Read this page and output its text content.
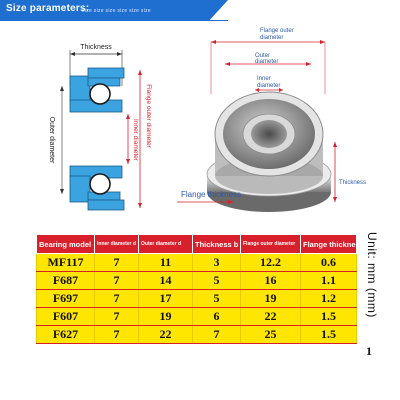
Size parameters:
size size size size size size
Thickness
Outer diameter	Inner diameter Flange outer diameter
Flange outer
diameter
Outer
diameter
Inner
diameter
Thickness
Flange thickness
Bearing model	Inner diameter d	Outer diameter d	Thickness b	Flange outer diameter	Flange thickness
MF117	7	11	3	12.2	0.6
F687	7	14	5	16	1.1
F697	7	17	5	19	1.2
F607	7	19	6	22	1.5
F627	7	22	7	25	1.5
Unit: mm (mm)
1
